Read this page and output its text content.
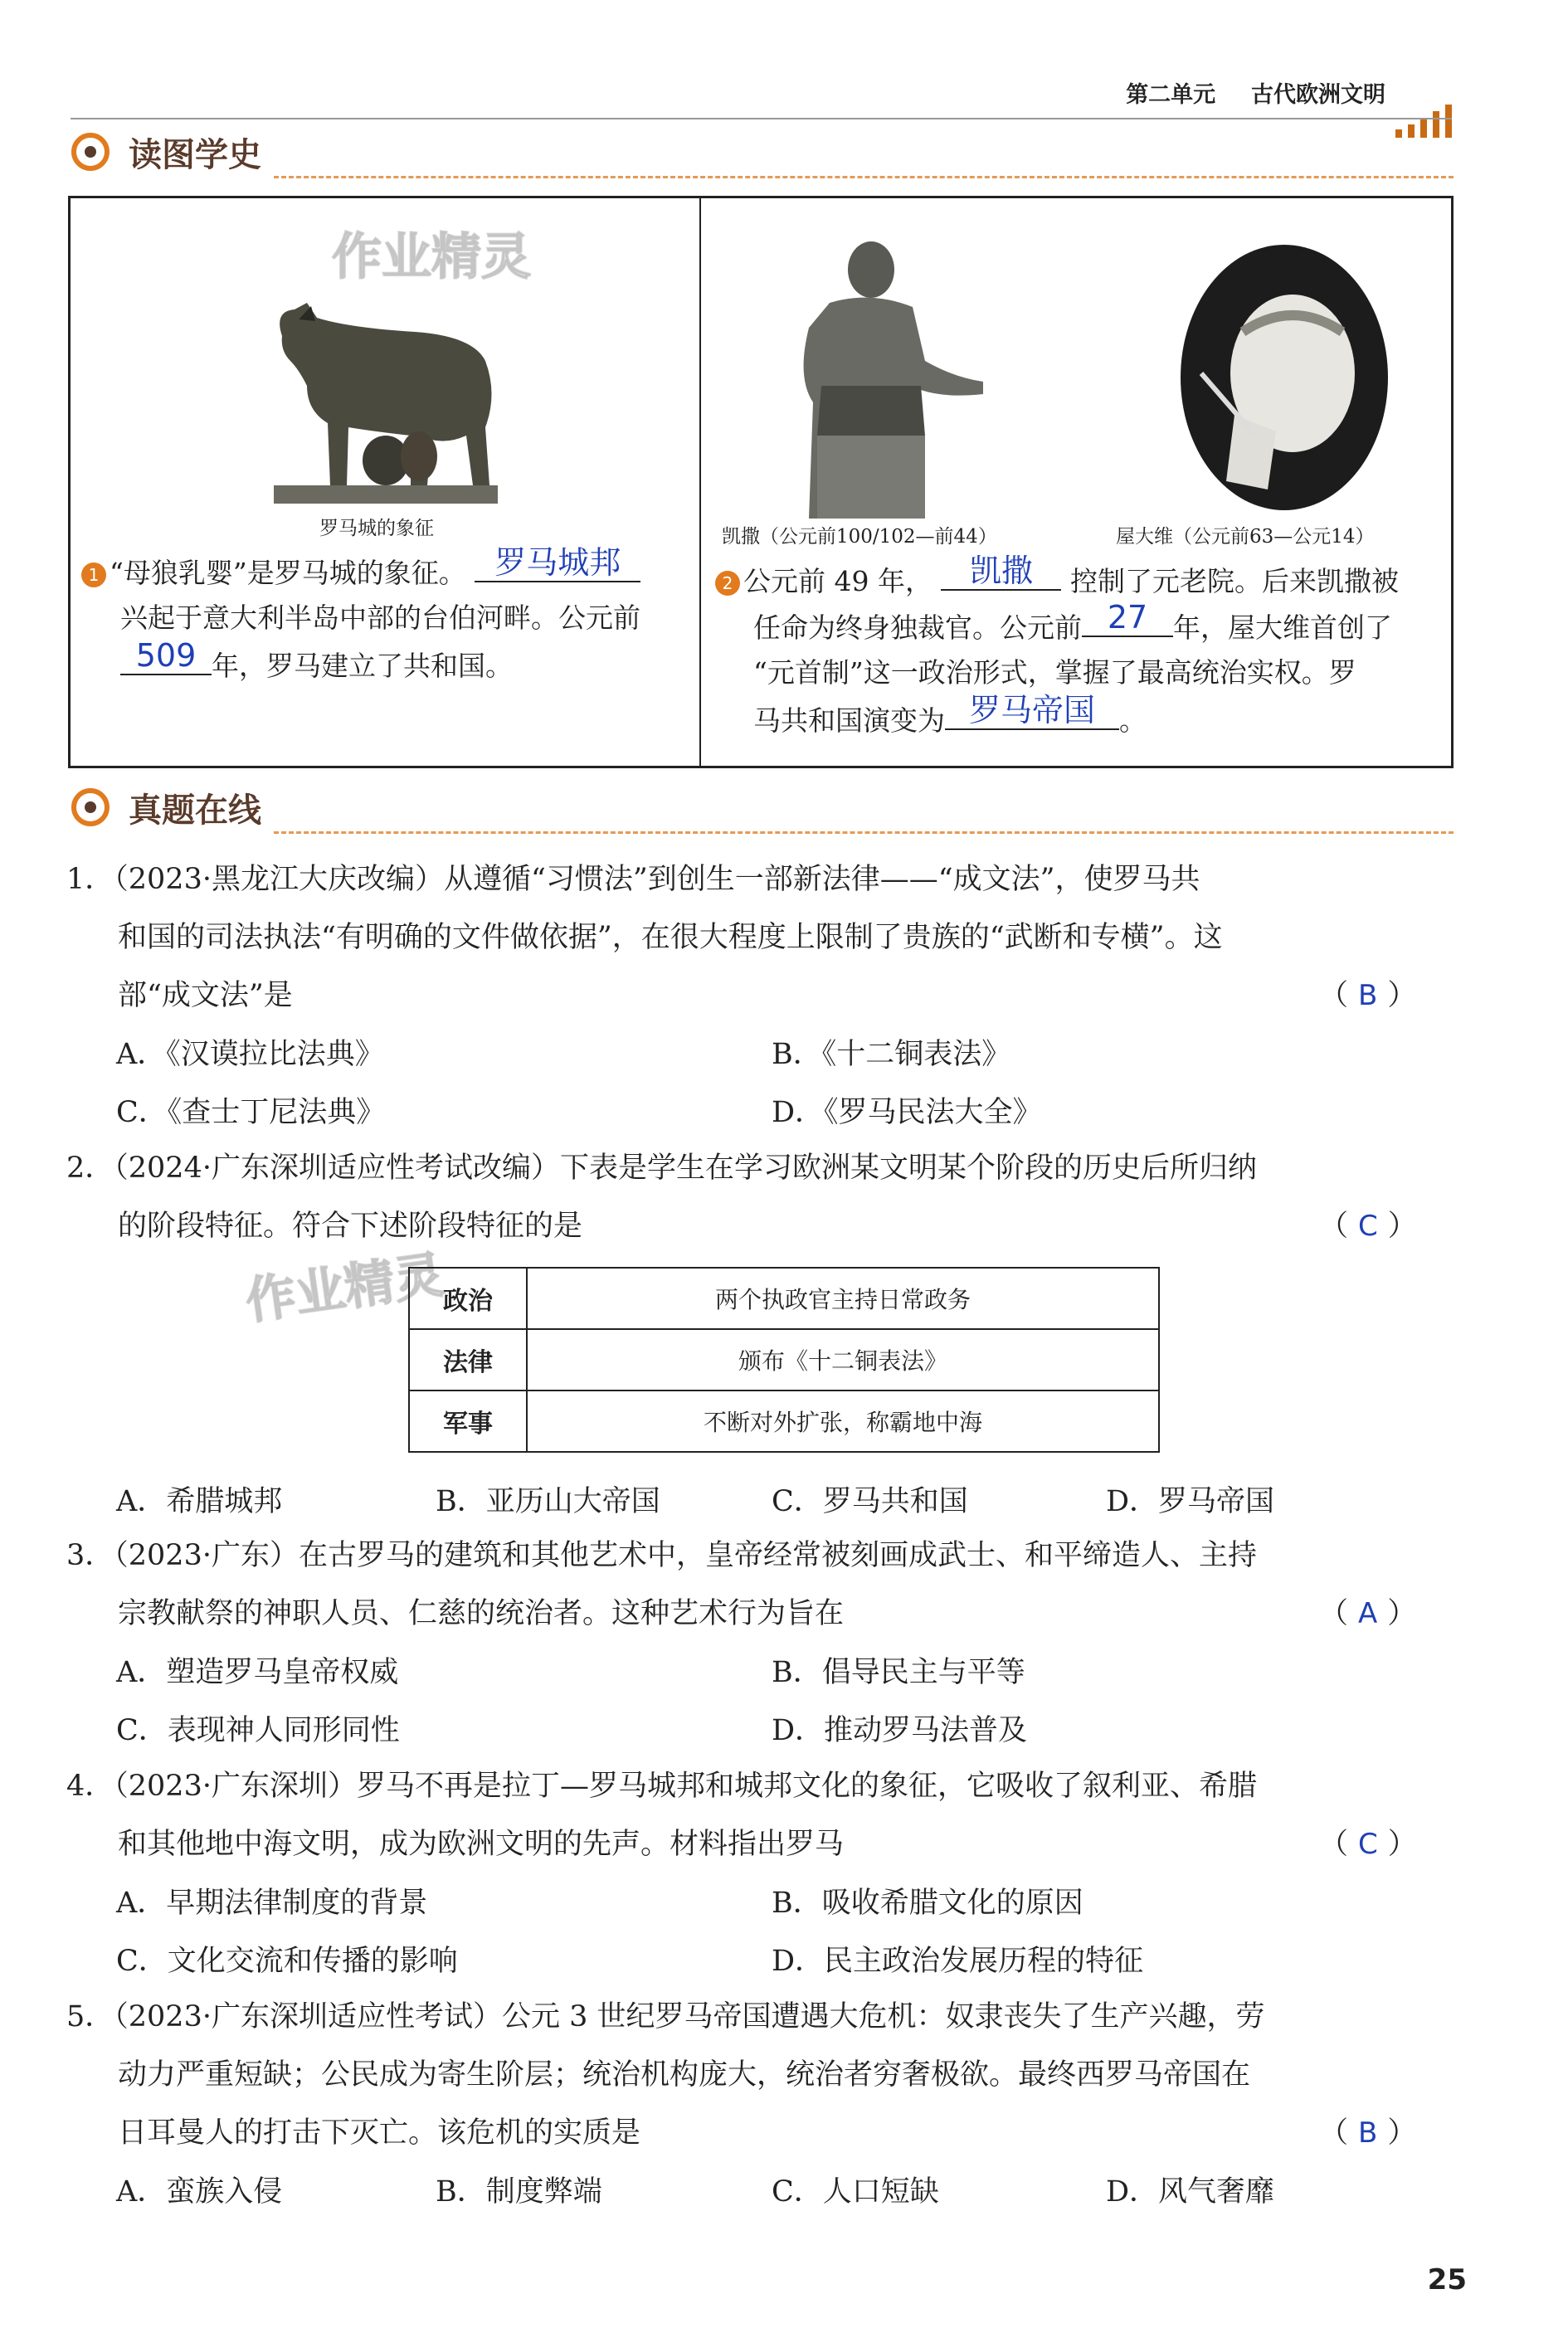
第二单元 古代欧洲文明
读图学史
作业精灵
罗马城的象征	凯撒（公元前100/102—前44）	屋大维（公元前63—公元14）
1 “母狼乳婴”是罗马城的象征。 罗马城邦
兴起于意大利半岛中部的台伯河畔。公元前
509 年，罗马建立了共和国。
2 公元前 49 年，	凯撒	控制了元老院。后来凯撒被
任命为终身独裁官。公元前 27 年，屋大维首创了
“元首制”这一政治形式，掌握了最高统治实权。罗
马共和国演变为 罗马帝国 。
真题在线
1．（2023·黑龙江大庆改编）从遵循“习惯法”到创生一部新法律——“成文法”，使罗马共
和国的司法执法“有明确的文件做依据”，在很大程度上限制了贵族的“武断和专横”。这
部“成文法”是	（ B ）
A．《汉谟拉比法典》	B．《十二铜表法》
C．《查士丁尼法典》	D．《罗马民法大全》
2．（2024·广东深圳适应性考试改编）下表是学生在学习欧洲某文明某个阶段的历史后所归纳
的阶段特征。符合下述阶段特征的是	（ C ）
作业精灵
政治	两个执政官主持日常政务
法律	颁布《十二铜表法》
军事	不断对外扩张，称霸地中海
A．希腊城邦	B．亚历山大帝国	C．罗马共和国	D．罗马帝国
3．（2023·广东）在古罗马的建筑和其他艺术中，皇帝经常被刻画成武士、和平缔造人、主持
宗教献祭的神职人员、仁慈的统治者。这种艺术行为旨在	（ A ）
A．塑造罗马皇帝权威	B．倡导民主与平等
C．表现神人同形同性	D．推动罗马法普及
4．（2023·广东深圳）罗马不再是拉丁—罗马城邦和城邦文化的象征，它吸收了叙利亚、希腊
和其他地中海文明，成为欧洲文明的先声。材料指出罗马	（ C ）
A．早期法律制度的背景	B．吸收希腊文化的原因
C．文化交流和传播的影响	D．民主政治发展历程的特征
5．（2023·广东深圳适应性考试）公元 3 世纪罗马帝国遭遇大危机：奴隶丧失了生产兴趣，劳
动力严重短缺；公民成为寄生阶层；统治机构庞大，统治者穷奢极欲。最终西罗马帝国在
日耳曼人的打击下灭亡。该危机的实质是	（ B ）
A．蛮族入侵	B．制度弊端	C．人口短缺	D．风气奢靡
25
